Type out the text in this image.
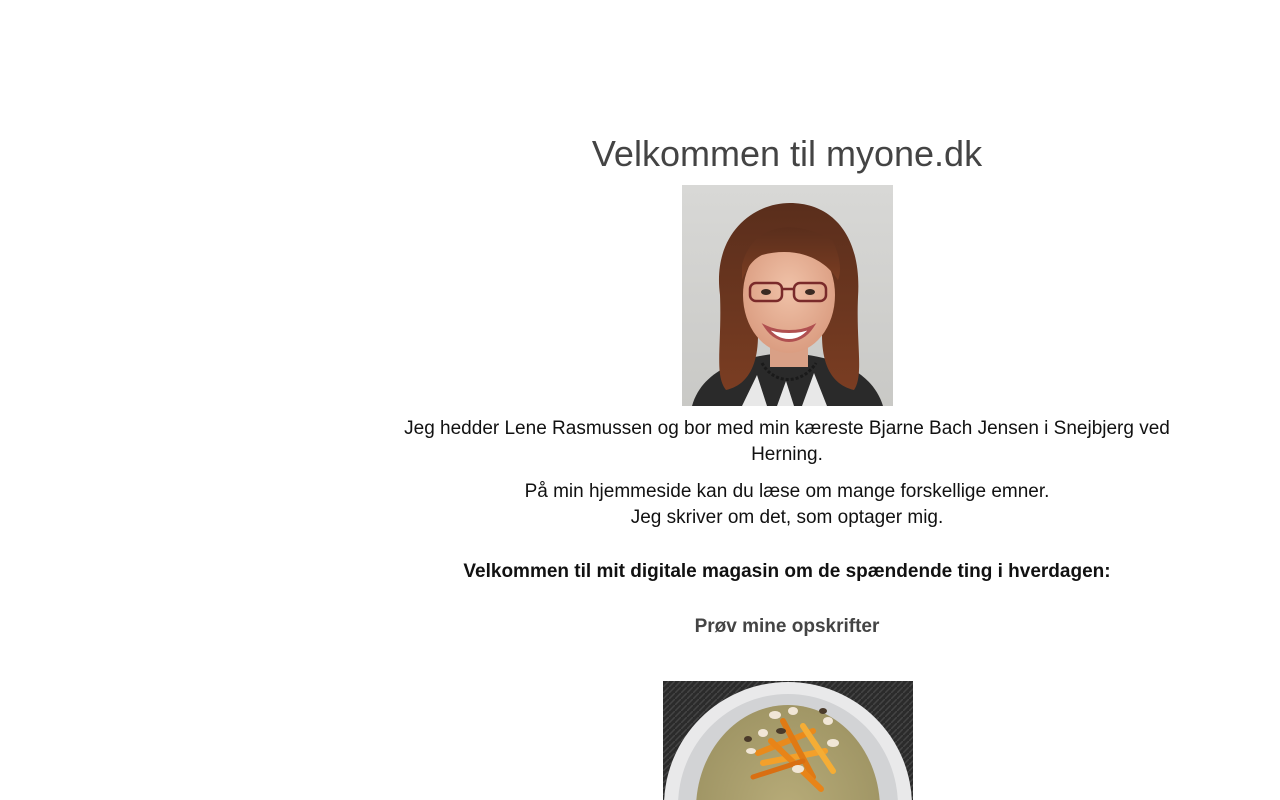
Velkommen til myone.dk

Jeg hedder Lene Rasmussen og bor med min kæreste Bjarne Bach Jensen i Snejbjerg ved Herning.

På min hjemmeside kan du læse om mange forskellige emner.
Jeg skriver om det, som optager mig.

Velkommen til mit digitale magasin om de spændende ting i hverdagen:

Prøv mine opskrifter
